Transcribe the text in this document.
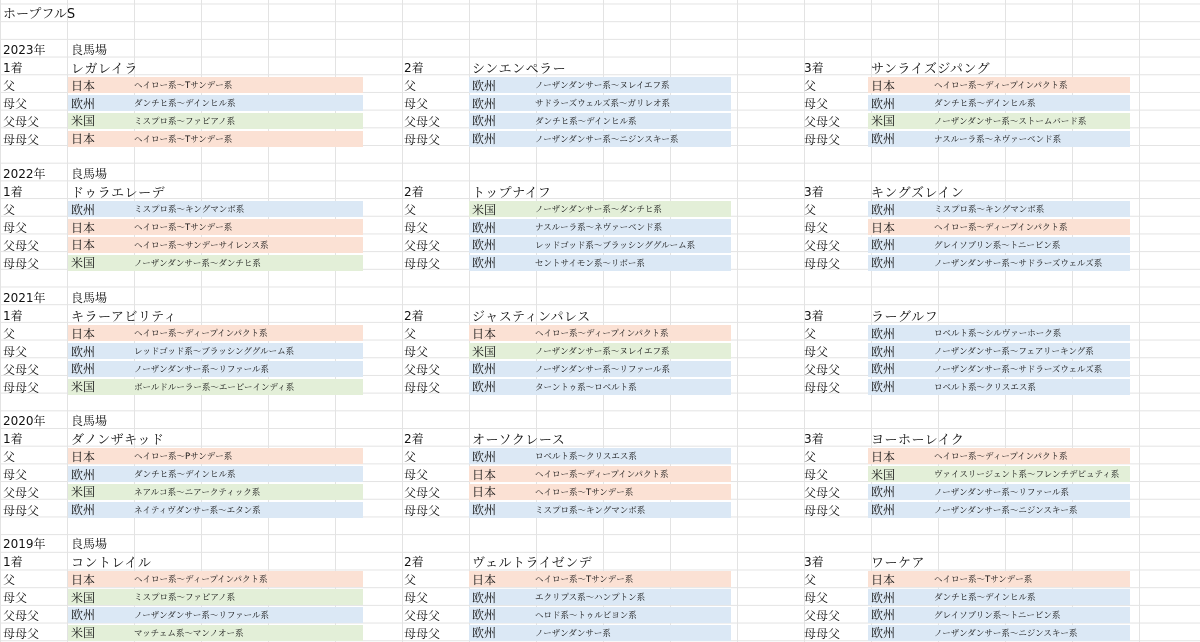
ホープフルS
2023年 良馬場
1着	レガレイラ
父	日本	ヘイロー系～Tサンデー系
母父	欧州	ダンチヒ系～デインヒル系
父母父	米国	ミスプロ系～ファピアノ系
母母父	日本	ヘイロー系～Tサンデー系
2着	シンエンペラー
父	欧州	ノーザンダンサー系～ヌレイエフ系
母父	欧州	サドラーズウェルズ系～ガリレオ系
父母父	欧州	ダンチヒ系～デインヒル系
母母父	欧州	ノーザンダンサー系～ニジンスキー系
3着	サンライズジパング
父	日本	ヘイロー系～ディープインパクト系
母父	欧州	ダンチヒ系～デインヒル系
父母父	米国	ノーザンダンサー系～ストームバード系
母母父	欧州	ナスルーラ系～ネヴァーベンド系
2022年 良馬場
1着	ドゥラエレーデ
父	欧州	ミスプロ系～キングマンボ系
母父	日本	ヘイロー系～Tサンデー系
父母父	日本	ヘイロー系～サンデーサイレンス系
母母父	米国	ノーザンダンサー系～ダンチヒ系
2着	トップナイフ
父	米国	ノーザンダンサー系～ダンチヒ系
母父	欧州	ナスルーラ系～ネヴァーベンド系
父母父	欧州	レッドゴッド系～ブラッシンググルーム系
母母父	欧州	セントサイモン系～リボー系
3着	キングズレイン
父	欧州	ミスプロ系～キングマンボ系
母父	日本	ヘイロー系～ディープインパクト系
父母父	欧州	グレイソブリン系～トニービン系
母母父	欧州	ノーザンダンサー系～サドラーズウェルズ系
2021年 良馬場
1着	キラーアビリティ
父	日本	ヘイロー系～ディープインパクト系
母父	欧州	レッドゴッド系～ブラッシンググルーム系
父母父	欧州	ノーザンダンサー系～リファール系
母母父	米国	ボールドルーラー系～エーピーインディ系
2着	ジャスティンパレス
父	日本	ヘイロー系～ディープインパクト系
母父	米国	ノーザンダンサー系～ヌレイエフ系
父母父	欧州	ノーザンダンサー系～リファール系
母母父	欧州	ターントゥ系～ロベルト系
3着	ラーグルフ
父	欧州	ロベルト系～シルヴァーホーク系
母父	欧州	ノーザンダンサー系～フェアリーキング系
父母父	欧州	ノーザンダンサー系～サドラーズウェルズ系
母母父	欧州	ロベルト系～クリスエス系
2020年 良馬場
1着	ダノンザキッド
父	日本	ヘイロー系～Pサンデー系
母父	欧州	ダンチヒ系～デインヒル系
父母父	米国	ネアルコ系～ニアークティック系
母母父	欧州	ネイティヴダンサー系～エタン系
2着	オーソクレース
父	欧州	ロベルト系～クリスエス系
母父	日本	ヘイロー系～ディープインパクト系
父母父	日本	ヘイロー系～Tサンデー系
母母父	欧州	ミスプロ系～キングマンボ系
3着	ヨーホーレイク
父	日本	ヘイロー系～ディープインパクト系
母父	米国	ヴァイスリージェント系～フレンチデピュティ系
父母父	欧州	ノーザンダンサー系～リファール系
母母父	欧州	ノーザンダンサー系～ニジンスキー系
2019年 良馬場
1着	コントレイル
父	日本	ヘイロー系～ディープインパクト系
母父	米国	ミスプロ系～ファピアノ系
父母父	欧州	ノーザンダンサー系～リファール系
母母父	米国	マッチェム系～マンノオー系
2着	ヴェルトライゼンデ
父	日本	ヘイロー系～Tサンデー系
母父	欧州	エクリプス系～ハンプトン系
父母父	欧州	ヘロド系～トゥルビヨン系
母母父	欧州	ノーザンダンサー系
3着	ワーケア
父	日本	ヘイロー系～Tサンデー系
母父	欧州	ダンチヒ系～デインヒル系
父母父	欧州	グレイソブリン系～トニービン系
母母父	欧州	ノーザンダンサー系～ニジンスキー系
